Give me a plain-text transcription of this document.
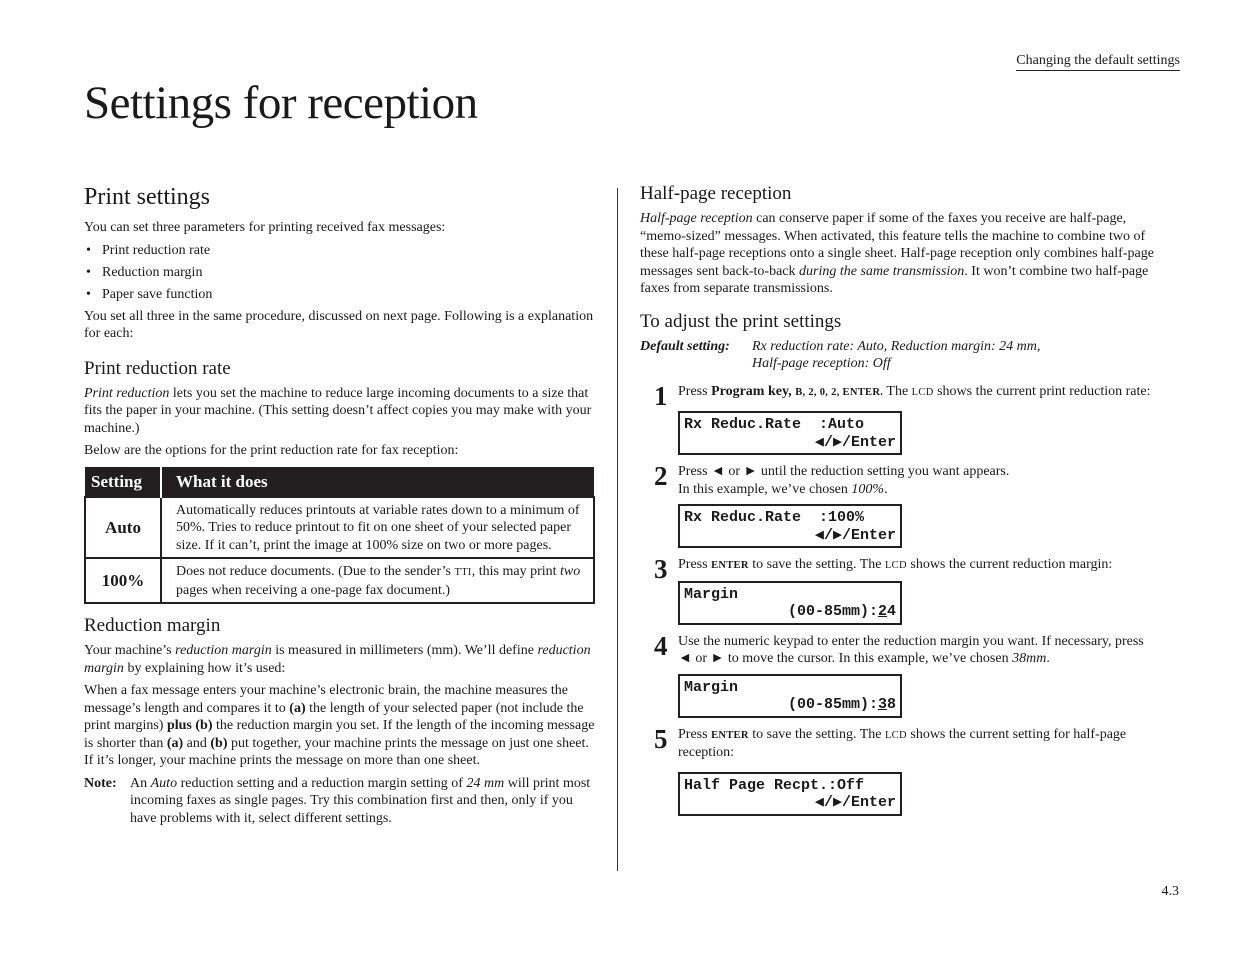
Changing the default settings
Settings for reception
Print settings

You can set three parameters for printing received fax messages:

• Print reduction rate
• Reduction margin
• Paper save function

You set all three in the same procedure, discussed on next page. Following is a explanation for each:

Print reduction rate

Print reduction lets you set the machine to reduce large incoming documents to a size that fits the paper in your machine. (This setting doesn’t affect copies you may make with your machine.)

Below are the options for the print reduction rate for fax reception:

Setting	What it does
Auto	Automatically reduces printouts at variable rates down to a minimum of 50%. Tries to reduce printout to fit on one sheet of your selected paper size. If it can’t, print the image at 100% size on two or more pages.
100%	Does not reduce documents. (Due to the sender’s TTI, this may print two pages when receiving a one-page fax document.)
Reduction margin

Your machine’s reduction margin is measured in millimeters (mm). We’ll define reduction margin by explaining how it’s used:

When a fax message enters your machine’s electronic brain, the machine measures the message’s length and compares it to (a) the length of your selected paper (not include the print margins) plus (b) the reduction margin you set. If the length of the incoming message is shorter than (a) and (b) put together, your machine prints the message on just one sheet.

If it’s longer, your machine prints the message on more than one sheet.

Note: An Auto reduction setting and a reduction margin setting of 24 mm will print most incoming faxes as single pages. Try this combination first and then, only if you have problems with it, select different settings.
Half-page reception

Half-page reception can conserve paper if some of the faxes you receive are half-page, “memo-sized” messages. When activated, this feature tells the machine to combine two of these half-page receptions onto a single sheet. Half-page reception only combines half-page messages sent back-to-back during the same transmission. It won’t combine two half-page faxes from separate transmissions.

To adjust the print settings
Default setting:	Rx reduction rate: Auto, Reduction margin: 24 mm,
Half-page reception: Off
1 Press Program key, B, 2, 0, 2, ENTER. The LCD shows the current print reduction rate:

Rx Reduc.Rate  :Auto
◀/▶/Enter
2 Press ◄ or ► until the reduction setting you want appears.
In this example, we’ve chosen 100%.

Rx Reduc.Rate  :100%
◀/▶/Enter
3 Press ENTER to save the setting. The LCD shows the current reduction margin:

Margin
(00-85mm):24
4 Use the numeric keypad to enter the reduction margin you want. If necessary, press ◄ or ► to move the cursor. In this example, we’ve chosen 38mm.

Margin
(00-85mm):38
5 Press ENTER to save the setting. The LCD shows the current setting for half-page reception:

Half Page Recpt.:Off
◀/▶/Enter
4.3
